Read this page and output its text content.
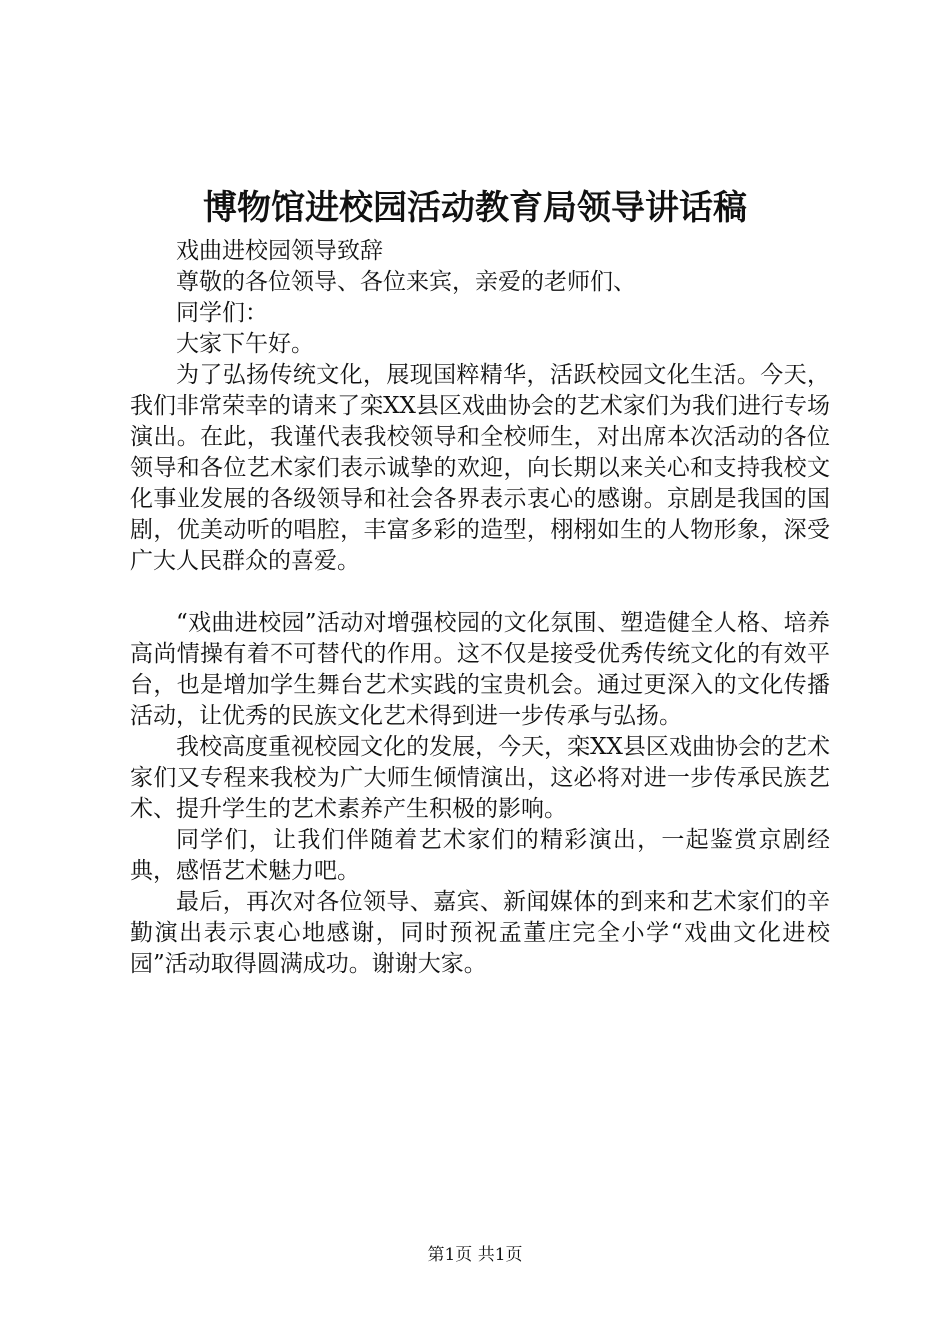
博物馆进校园活动教育局领导讲话稿

戏曲进校园领导致辞

尊敬的各位领导、各位来宾，亲爱的老师们、

同学们：

大家下午好。

为了弘扬传统文化，展现国粹精华，活跃校园文化生活。今天，我们非常荣幸的请来了栾XX县区戏曲协会的艺术家们为我们进行专场演出。在此，我谨代表我校领导和全校师生，对出席本次活动的各位领导和各位艺术家们表示诚挚的欢迎，向长期以来关心和支持我校文化事业发展的各级领导和社会各界表示衷心的感谢。京剧是我国的国剧，优美动听的唱腔，丰富多彩的造型，栩栩如生的人物形象，深受广大人民群众的喜爱。

“戏曲进校园”活动对增强校园的文化氛围、塑造健全人格、培养高尚情操有着不可替代的作用。这不仅是接受优秀传统文化的有效平台，也是增加学生舞台艺术实践的宝贵机会。通过更深入的文化传播活动，让优秀的民族文化艺术得到进一步传承与弘扬。

我校高度重视校园文化的发展，今天，栾XX县区戏曲协会的艺术家们又专程来我校为广大师生倾情演出，这必将对进一步传承民族艺术、提升学生的艺术素养产生积极的影响。

同学们，让我们伴随着艺术家们的精彩演出，一起鉴赏京剧经典，感悟艺术魅力吧。

最后，再次对各位领导、嘉宾、新闻媒体的到来和艺术家们的辛勤演出表示衷心地感谢，同时预祝孟董庄完全小学“戏曲文化进校园”活动取得圆满成功。谢谢大家。

第1页 共1页
